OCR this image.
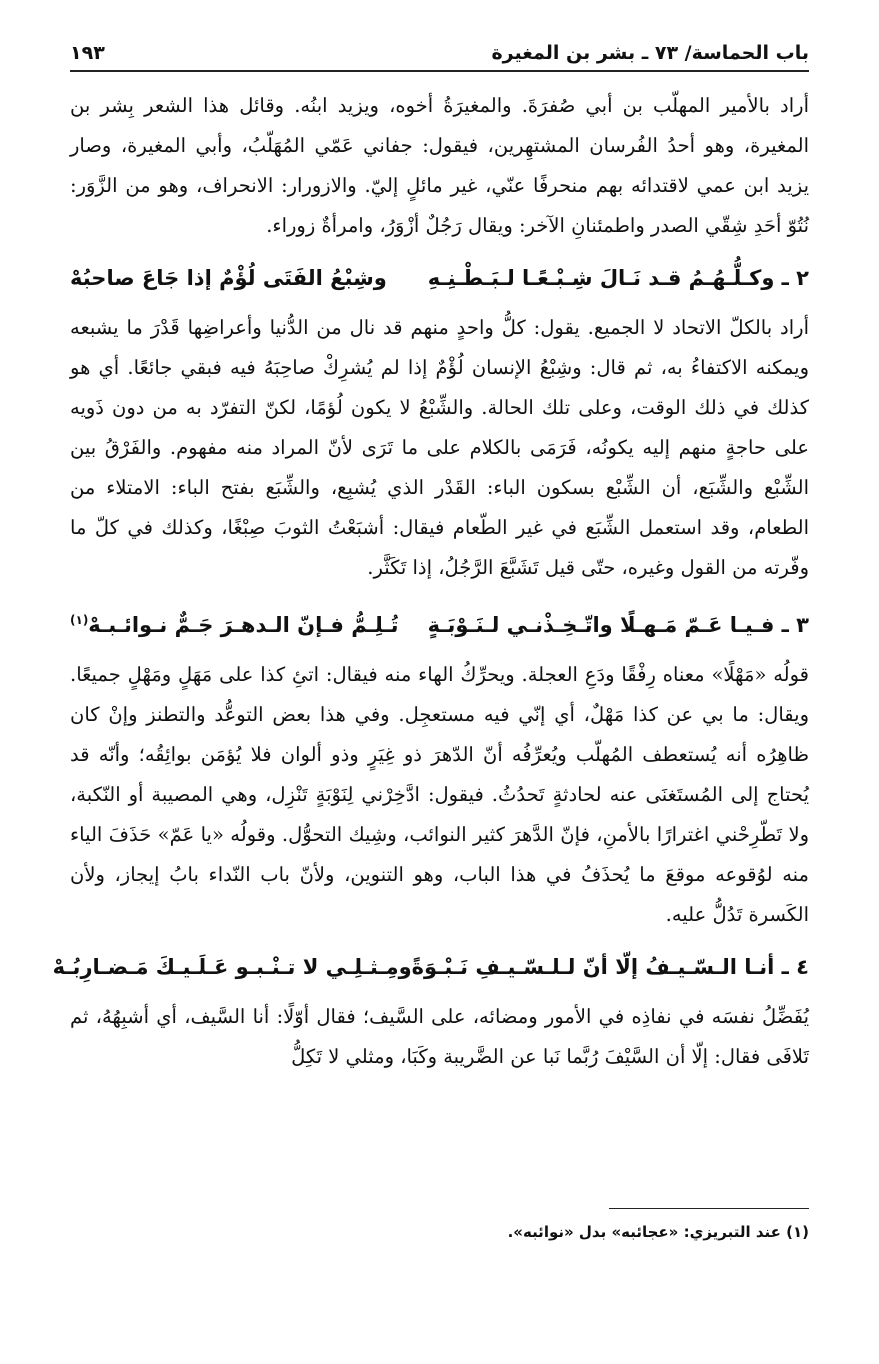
باب الحماسة/ ٧٣ ـ بشر بن المغيرة
١٩٣

أراد بالأمير المهلّب بن أبي صُفرَةَ. والمغيرَةُ أخوه، ويزيد ابنُه. وقائل هذا الشعر بِشر بن المغيرة، وهو أحدُ الفُرسان المشتهِرين، فيقول: جفاني عَمّي المُهَلّبُ، وأبي المغيرة، وصار يزيد ابن عمي لاقتدائه بهم منحرفًا عنّي، غير مائلٍ إليّ. والازورار: الانحراف، وهو من الزَّوَر: نُتُوّ أحَدِ شِقّي الصدر واطمئنانِ الآخر: ويقال رَجُلٌ أزْوَرُ، وامرأةٌ زوراء.

٢ ـ وكـلُّـهُـمُ قـد نَـالَ شِـبْـعًـا لـبَـطْـنِـهِ
وشِبْعُ الفَتَى لُؤْمٌ إذا جَاعَ صاحبُهْ

أراد بالكلّ الاتحاد لا الجميع. يقول: كلُّ واحدٍ منهم قد نال من الدُّنيا وأعراضِها قَدْرَ ما يشبعه ويمكنه الاكتفاءُ به، ثم قال: وشِبْعُ الإنسان لُؤْمٌ إذا لم يُشرِكْ صاحِبَهُ فيه فبقي جائعًا. أي هو كذلك في ذلك الوقت، وعلى تلك الحالة. والشِّبْعُ لا يكون لُؤمًا، لكنّ التفرّد به من دون ذَويه على حاجةٍ منهم إليه يكونُه، فَرَمَى بالكلام على ما تَرَى لأنّ المراد منه مفهوم. والفَرْقُ بين الشِّبْع والشِّبَع، أن الشِّبْع بسكون الباء: القَدْر الذي يُشبِع، والشِّبَع بفتح الباء: الامتلاء من الطعام، وقد استعمل الشِّبَع في غير الطّعام فيقال: أشبَعْتُ الثوبَ صِبْغًا، وكذلك في كلّ ما وفّرته من القول وغيره، حتّى قيل تَشَبَّعَ الرَّجُلُ، إذا تَكَثَّر.

٣ ـ فـيـا عَـمّ مَـهـلًا واتّـخِـذْنـي لـنَـوْبَـةٍ
تُـلِـمُّ فـإنّ الـدهـرَ جَـمٌّ نـوائـبـهْ$^{(١)}$

قولُه «مَهْلًا» معناه رِفْقًا ودَعِ العجلة. ويحرِّكُ الهاء منه فيقال: اتئِ كذا على مَهَلٍ ومَهْلٍ جميعًا. ويقال: ما بي عن كذا مَهْلٌ، أي إنّي فيه مستعجِل. وفي هذا بعض التوعُّد والتطنز وإنْ كان ظاهِرُه أنه يُستعطف المُهلّب ويُعرِّفُه أنّ الدّهرَ ذو غِيَرٍ وذو ألوان فلا يُؤمَن بوائِقُه؛ وأنّه قد يُحتاج إلى المُستَغنَى عنه لحادثةٍ تَحدُثُ. فيقول: ادَّخِرْني لِنَوْبَةٍ تَنْزِل، وهي المصيبة أو النّكبة، ولا تَطّرِحْني اغترارًا بالأمنِ، فإنّ الدَّهرَ كثير النوائب، وشِيك التحوُّل. وقولُه «يا عَمّ» حَذَفَ الياء منه لوُقوعه موقعَ ما يُحذَفُ في هذا الباب، وهو التنوين، ولأنّ باب النّداء بابُ إيجاز، ولأن الكَسرة تَدُلُّ عليه.

٤ ـ أنـا الـسّـيـفُ إلّا أنّ لـلـسّـيـفِ نَـبْـوَةً
ومِـثـلِـي لا تـنْـبـو عَـلَـيـكَ مَـضـارِبُـهْ

يُفَضِّلُ نفسَه في نفاذِه في الأمور ومضائه، على السَّيف؛ فقال أوّلًا: أنا السَّيف، أي أشبِهُهُ، ثم تَلافَى فقال: إلّا أن السَّيْفَ رُبَّما نَبا عن الضَّريبة وكَبَا، ومثلي لا تَكِلُّ

(١) عند التبريزي: «عجائبه» بدل «نوائبه».
